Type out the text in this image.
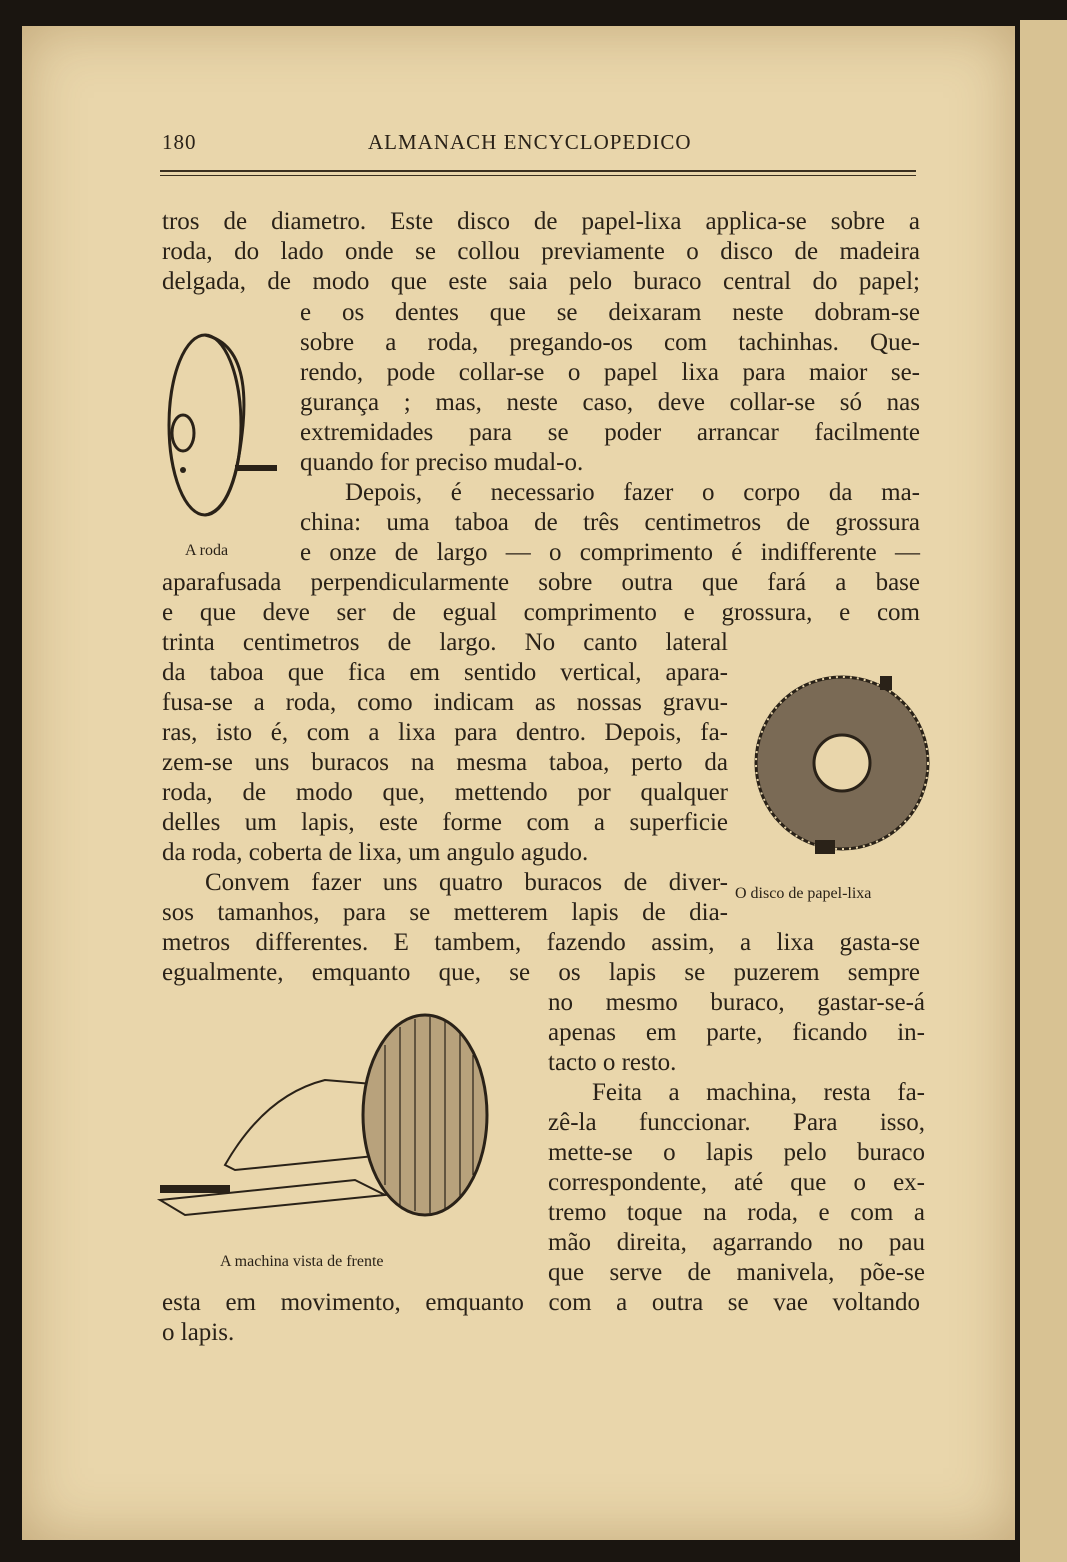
180	ALMANACH ENCYCLOPEDICO
tros de diametro. Este disco de papel-lixa applica-se sobre a
roda, do lado onde se collou previamente o disco de madeira
delgada, de modo que este saia pelo buraco central do papel;
e os dentes que se deixaram neste dobram-se
sobre a roda, pregando-os com tachinhas. Que-
rendo, pode collar-se o papel lixa para maior se-
gurança ; mas, neste caso, deve collar-se só nas
extremidades para se poder arrancar facilmente
quando for preciso mudal-o.
Depois, é necessario fazer o corpo da ma-
china: uma taboa de três centimetros de grossura
e onze de largo — o comprimento é indifferente —
aparafusada perpendicularmente sobre outra que fará a base
e que deve ser de egual comprimento e grossura, e com
trinta centimetros de largo. No canto lateral
da taboa que fica em sentido vertical, apara-
fusa-se a roda, como indicam as nossas gravu-
ras, isto é, com a lixa para dentro. Depois, fa-
zem-se uns buracos na mesma taboa, perto da
roda, de modo que, mettendo por qualquer
delles um lapis, este forme com a superficie
da roda, coberta de lixa, um angulo agudo.
Convem fazer uns quatro buracos de diver-
sos tamanhos, para se metterem lapis de dia-
metros differentes. E tambem, fazendo assim, a lixa gasta-se
egualmente, emquanto que, se os lapis se puzerem sempre
no mesmo buraco, gastar-se-á
apenas em parte, ficando in-
tacto o resto.
Feita a machina, resta fa-
zê-la funccionar. Para isso,
mette-se o lapis pelo buraco
correspondente, até que o ex-
tremo toque na roda, e com a
mão direita, agarrando no pau
que serve de manivela, põe-se
esta em movimento, emquanto com a outra se vae voltando
o lapis.
A roda
O disco de papel-lixa
A machina vista de frente
